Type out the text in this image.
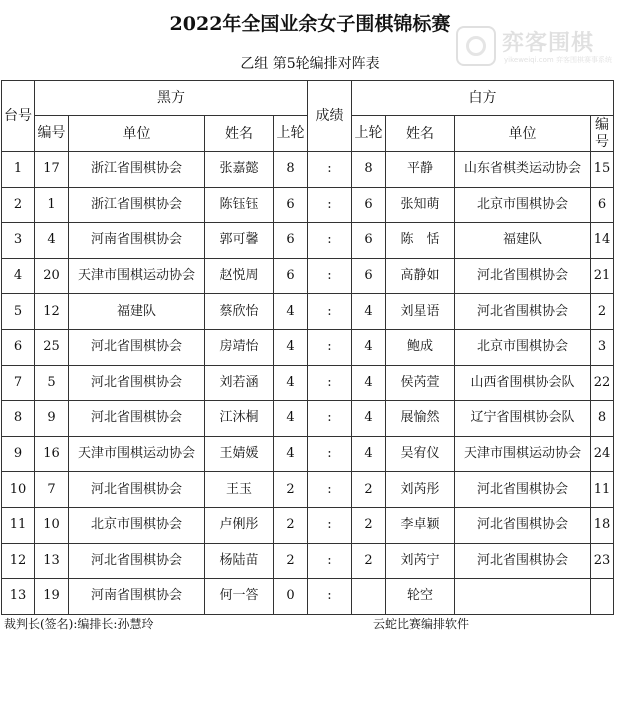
2022年全国业余女子围棋锦标赛
弈客围棋
yikeweiqi.com 弈客围棋赛事系统
乙组 第5轮编排对阵表
台号	黑方				成绩	白方			

	编号	单位	姓名	上轮		上轮	姓名	单位	编号

1	17	浙江省围棋协会	张嘉懿	8	:	8	平静	山东省棋类运动协会	15
2	1	浙江省围棋协会	陈钰钰	6	:	6	张知萌	北京市围棋协会	6
3	4	河南省围棋协会	郭可馨	6	:	6	陈　恬	福建队	14
4	20	天津市围棋运动协会	赵悦周	6	:	6	高静如	河北省围棋协会	21
5	12	福建队	蔡欣怡	4	:	4	刘星语	河北省围棋协会	2
6	25	河北省围棋协会	房靖怡	4	:	4	鲍成	北京市围棋协会	3
7	5	河北省围棋协会	刘若涵	4	:	4	侯芮萱	山西省围棋协会队	22
8	9	河北省围棋协会	江沐桐	4	:	4	展愉然	辽宁省围棋协会队	8
9	16	天津市围棋运动协会	王婧媛	4	:	4	吴宥仪	天津市围棋运动协会	24
10	7	河北省围棋协会	王玉	2	:	2	刘芮彤	河北省围棋协会	11
11	10	北京市围棋协会	卢俐彤	2	:	2	李卓颖	河北省围棋协会	18
12	13	河北省围棋协会	杨陆苗	2	:	2	刘芮宁	河北省围棋协会	23
13	19	河南省围棋协会	何一答	0	:		轮空		
裁判长(签名):编排长:孙慧玲	云蛇比赛编排软件
